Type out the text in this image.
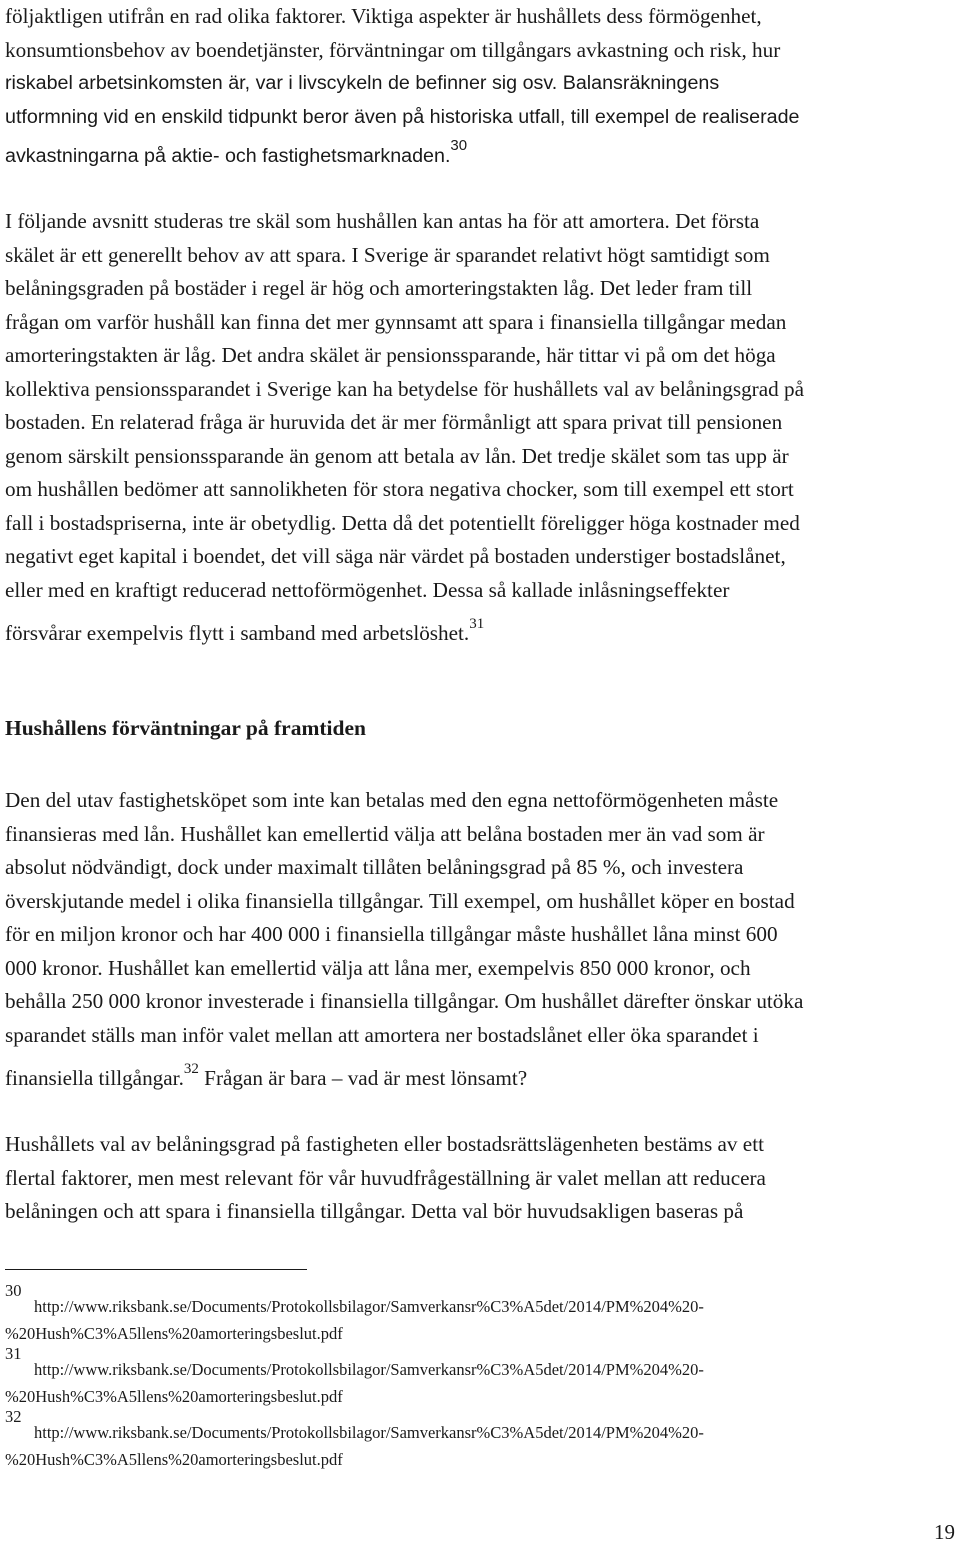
följaktligen utifrån en rad olika faktorer. Viktiga aspekter är hushållets dess förmögenhet,
konsumtionsbehov av boendetjänster, förväntningar om tillgångars avkastning och risk, hur
riskabel arbetsinkomsten är, var i livscykeln de befinner sig osv. Balansräkningens
utformning vid en enskild tidpunkt beror även på historiska utfall, till exempel de realiserade
avkastningarna på aktie- och fastighetsmarknaden.$^{30}$
I följande avsnitt studeras tre skäl som hushållen kan antas ha för att amortera. Det första
skälet är ett generellt behov av att spara. I Sverige är sparandet relativt högt samtidigt som
belåningsgraden på bostäder i regel är hög och amorteringstakten låg. Det leder fram till
frågan om varför hushåll kan finna det mer gynnsamt att spara i finansiella tillgångar medan
amorteringstakten är låg. Det andra skälet är pensionssparande, här tittar vi på om det höga
kollektiva pensionssparandet i Sverige kan ha betydelse för hushållets val av belåningsgrad på
bostaden. En relaterad fråga är huruvida det är mer förmånligt att spara privat till pensionen
genom särskilt pensionssparande än genom att betala av lån. Det tredje skälet som tas upp är
om hushållen bedömer att sannolikheten för stora negativa chocker, som till exempel ett stort
fall i bostadspriserna, inte är obetydlig. Detta då det potentiellt föreligger höga kostnader med
negativt eget kapital i boendet, det vill säga när värdet på bostaden understiger bostadslånet,
eller med en kraftigt reducerad nettoförmögenhet. Dessa så kallade inlåsningseffekter
försvårar exempelvis flytt i samband med arbetslöshet.$^{31}$
Hushållens förväntningar på framtiden
Den del utav fastighetsköpet som inte kan betalas med den egna nettoförmögenheten måste
finansieras med lån. Hushållet kan emellertid välja att belåna bostaden mer än vad som är
absolut nödvändigt, dock under maximalt tillåten belåningsgrad på 85 %, och investera
överskjutande medel i olika finansiella tillgångar. Till exempel, om hushållet köper en bostad
för en miljon kronor och har 400 000 i finansiella tillgångar måste hushållet låna minst 600
000 kronor. Hushållet kan emellertid välja att låna mer, exempelvis 850 000 kronor, och
behålla 250 000 kronor investerade i finansiella tillgångar. Om hushållet därefter önskar utöka
sparandet ställs man inför valet mellan att amortera ner bostadslånet eller öka sparandet i
finansiella tillgångar.$^{32}$ Frågan är bara – vad är mest lönsamt?
Hushållets val av belåningsgrad på fastigheten eller bostadsrättslägenheten bestäms av ett
flertal faktorer, men mest relevant för vår huvudfrågeställning är valet mellan att reducera
belåningen och att spara i finansiella tillgångar. Detta val bör huvudsakligen baseras på
30
http://www.riksbank.se/Documents/Protokollsbilagor/Samverkansr%C3%A5det/2014/PM%204%20-
%20Hush%C3%A5llens%20amorteringsbeslut.pdf
31
http://www.riksbank.se/Documents/Protokollsbilagor/Samverkansr%C3%A5det/2014/PM%204%20-
%20Hush%C3%A5llens%20amorteringsbeslut.pdf
32
http://www.riksbank.se/Documents/Protokollsbilagor/Samverkansr%C3%A5det/2014/PM%204%20-
%20Hush%C3%A5llens%20amorteringsbeslut.pdf
19
